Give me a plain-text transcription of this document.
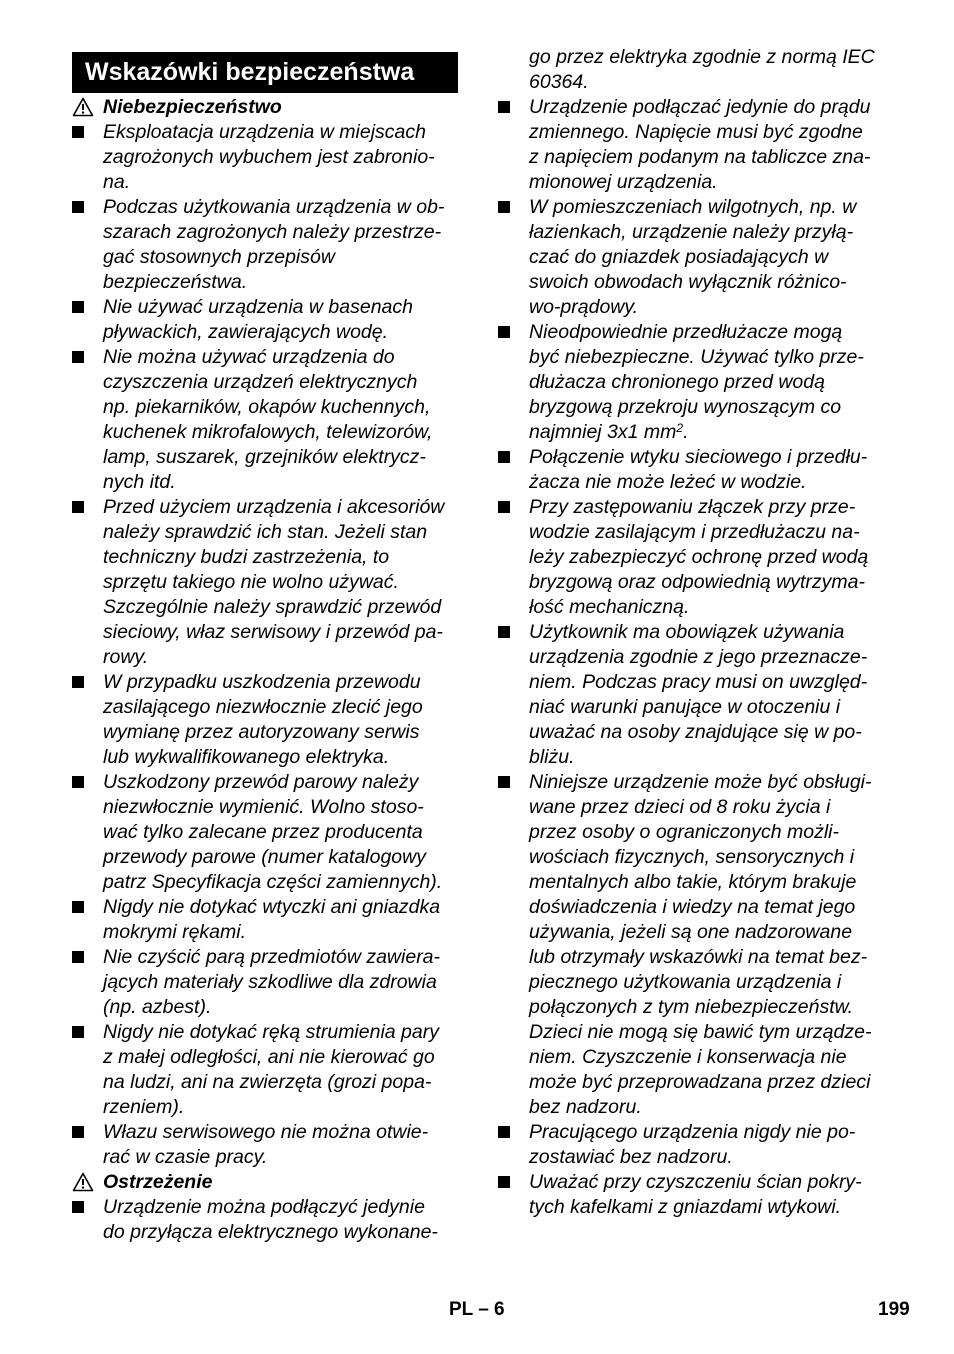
Wskazówki bezpieczeństwa
Niebezpieczeństwo
Eksploatacja urządzenia w miejscach
zagrożonych wybuchem jest zabronio-
na.
Podczas użytkowania urządzenia w ob-
szarach zagrożonych należy przestrze-
gać stosownych przepisów
bezpieczeństwa.
Nie używać urządzenia w basenach
pływackich, zawierających wodę.
Nie można używać urządzenia do
czyszczenia urządzeń elektrycznych
np. piekarników, okapów kuchennych,
kuchenek mikrofalowych, telewizorów,
lamp, suszarek, grzejników elektrycz-
nych itd.
Przed użyciem urządzenia i akcesoriów
należy sprawdzić ich stan. Jeżeli stan
techniczny budzi zastrzeżenia, to
sprzętu takiego nie wolno używać.
Szczególnie należy sprawdzić przewód
sieciowy, właz serwisowy i przewód pa-
rowy.
W przypadku uszkodzenia przewodu
zasilającego niezwłocznie zlecić jego
wymianę przez autoryzowany serwis
lub wykwalifikowanego elektryka.
Uszkodzony przewód parowy należy
niezwłocznie wymienić. Wolno stoso-
wać tylko zalecane przez producenta
przewody parowe (numer katalogowy
patrz Specyfikacja części zamiennych).
Nigdy nie dotykać wtyczki ani gniazdka
mokrymi rękami.
Nie czyścić parą przedmiotów zawiera-
jących materiały szkodliwe dla zdrowia
(np. azbest).
Nigdy nie dotykać ręką strumienia pary
z małej odległości, ani nie kierować go
na ludzi, ani na zwierzęta (grozi popa-
rzeniem).
Włazu serwisowego nie można otwie-
rać w czasie pracy.
Ostrzeżenie
Urządzenie można podłączyć jedynie
do przyłącza elektrycznego wykonane-
go przez elektryka zgodnie z normą IEC
60364.
Urządzenie podłączać jedynie do prądu
zmiennego. Napięcie musi być zgodne
z napięciem podanym na tabliczce zna-
mionowej urządzenia.
W pomieszczeniach wilgotnych, np. w
łazienkach, urządzenie należy przyłą-
czać do gniazdek posiadających w
swoich obwodach wyłącznik różnico-
wo-prądowy.
Nieodpowiednie przedłużacze mogą
być niebezpieczne. Używać tylko prze-
dłużacza chronionego przed wodą
bryzgową przekroju wynoszącym co
najmniej 3x1 $mm^2$.
Połączenie wtyku sieciowego i przedłu-
żacza nie może leżeć w wodzie.
Przy zastępowaniu złączek przy prze-
wodzie zasilającym i przedłużaczu na-
leży zabezpieczyć ochronę przed wodą
bryzgową oraz odpowiednią wytrzyma-
łość mechaniczną.
Użytkownik ma obowiązek używania
urządzenia zgodnie z jego przeznacze-
niem. Podczas pracy musi on uwzględ-
niać warunki panujące w otoczeniu i
uważać na osoby znajdujące się w po-
bliżu.
Niniejsze urządzenie może być obsługi-
wane przez dzieci od 8 roku życia i
przez osoby o ograniczonych możli-
wościach fizycznych, sensorycznych i
mentalnych albo takie, którym brakuje
doświadczenia i wiedzy na temat jego
używania, jeżeli są one nadzorowane
lub otrzymały wskazówki na temat bez-
piecznego użytkowania urządzenia i
połączonych z tym niebezpieczeństw.
Dzieci nie mogą się bawić tym urządze-
niem. Czyszczenie i konserwacja nie
może być przeprowadzana przez dzieci
bez nadzoru.
Pracującego urządzenia nigdy nie po-
zostawiać bez nadzoru.
Uważać przy czyszczeniu ścian pokry-
tych kafelkami z gniazdami wtykowi.
PL – 6	199
